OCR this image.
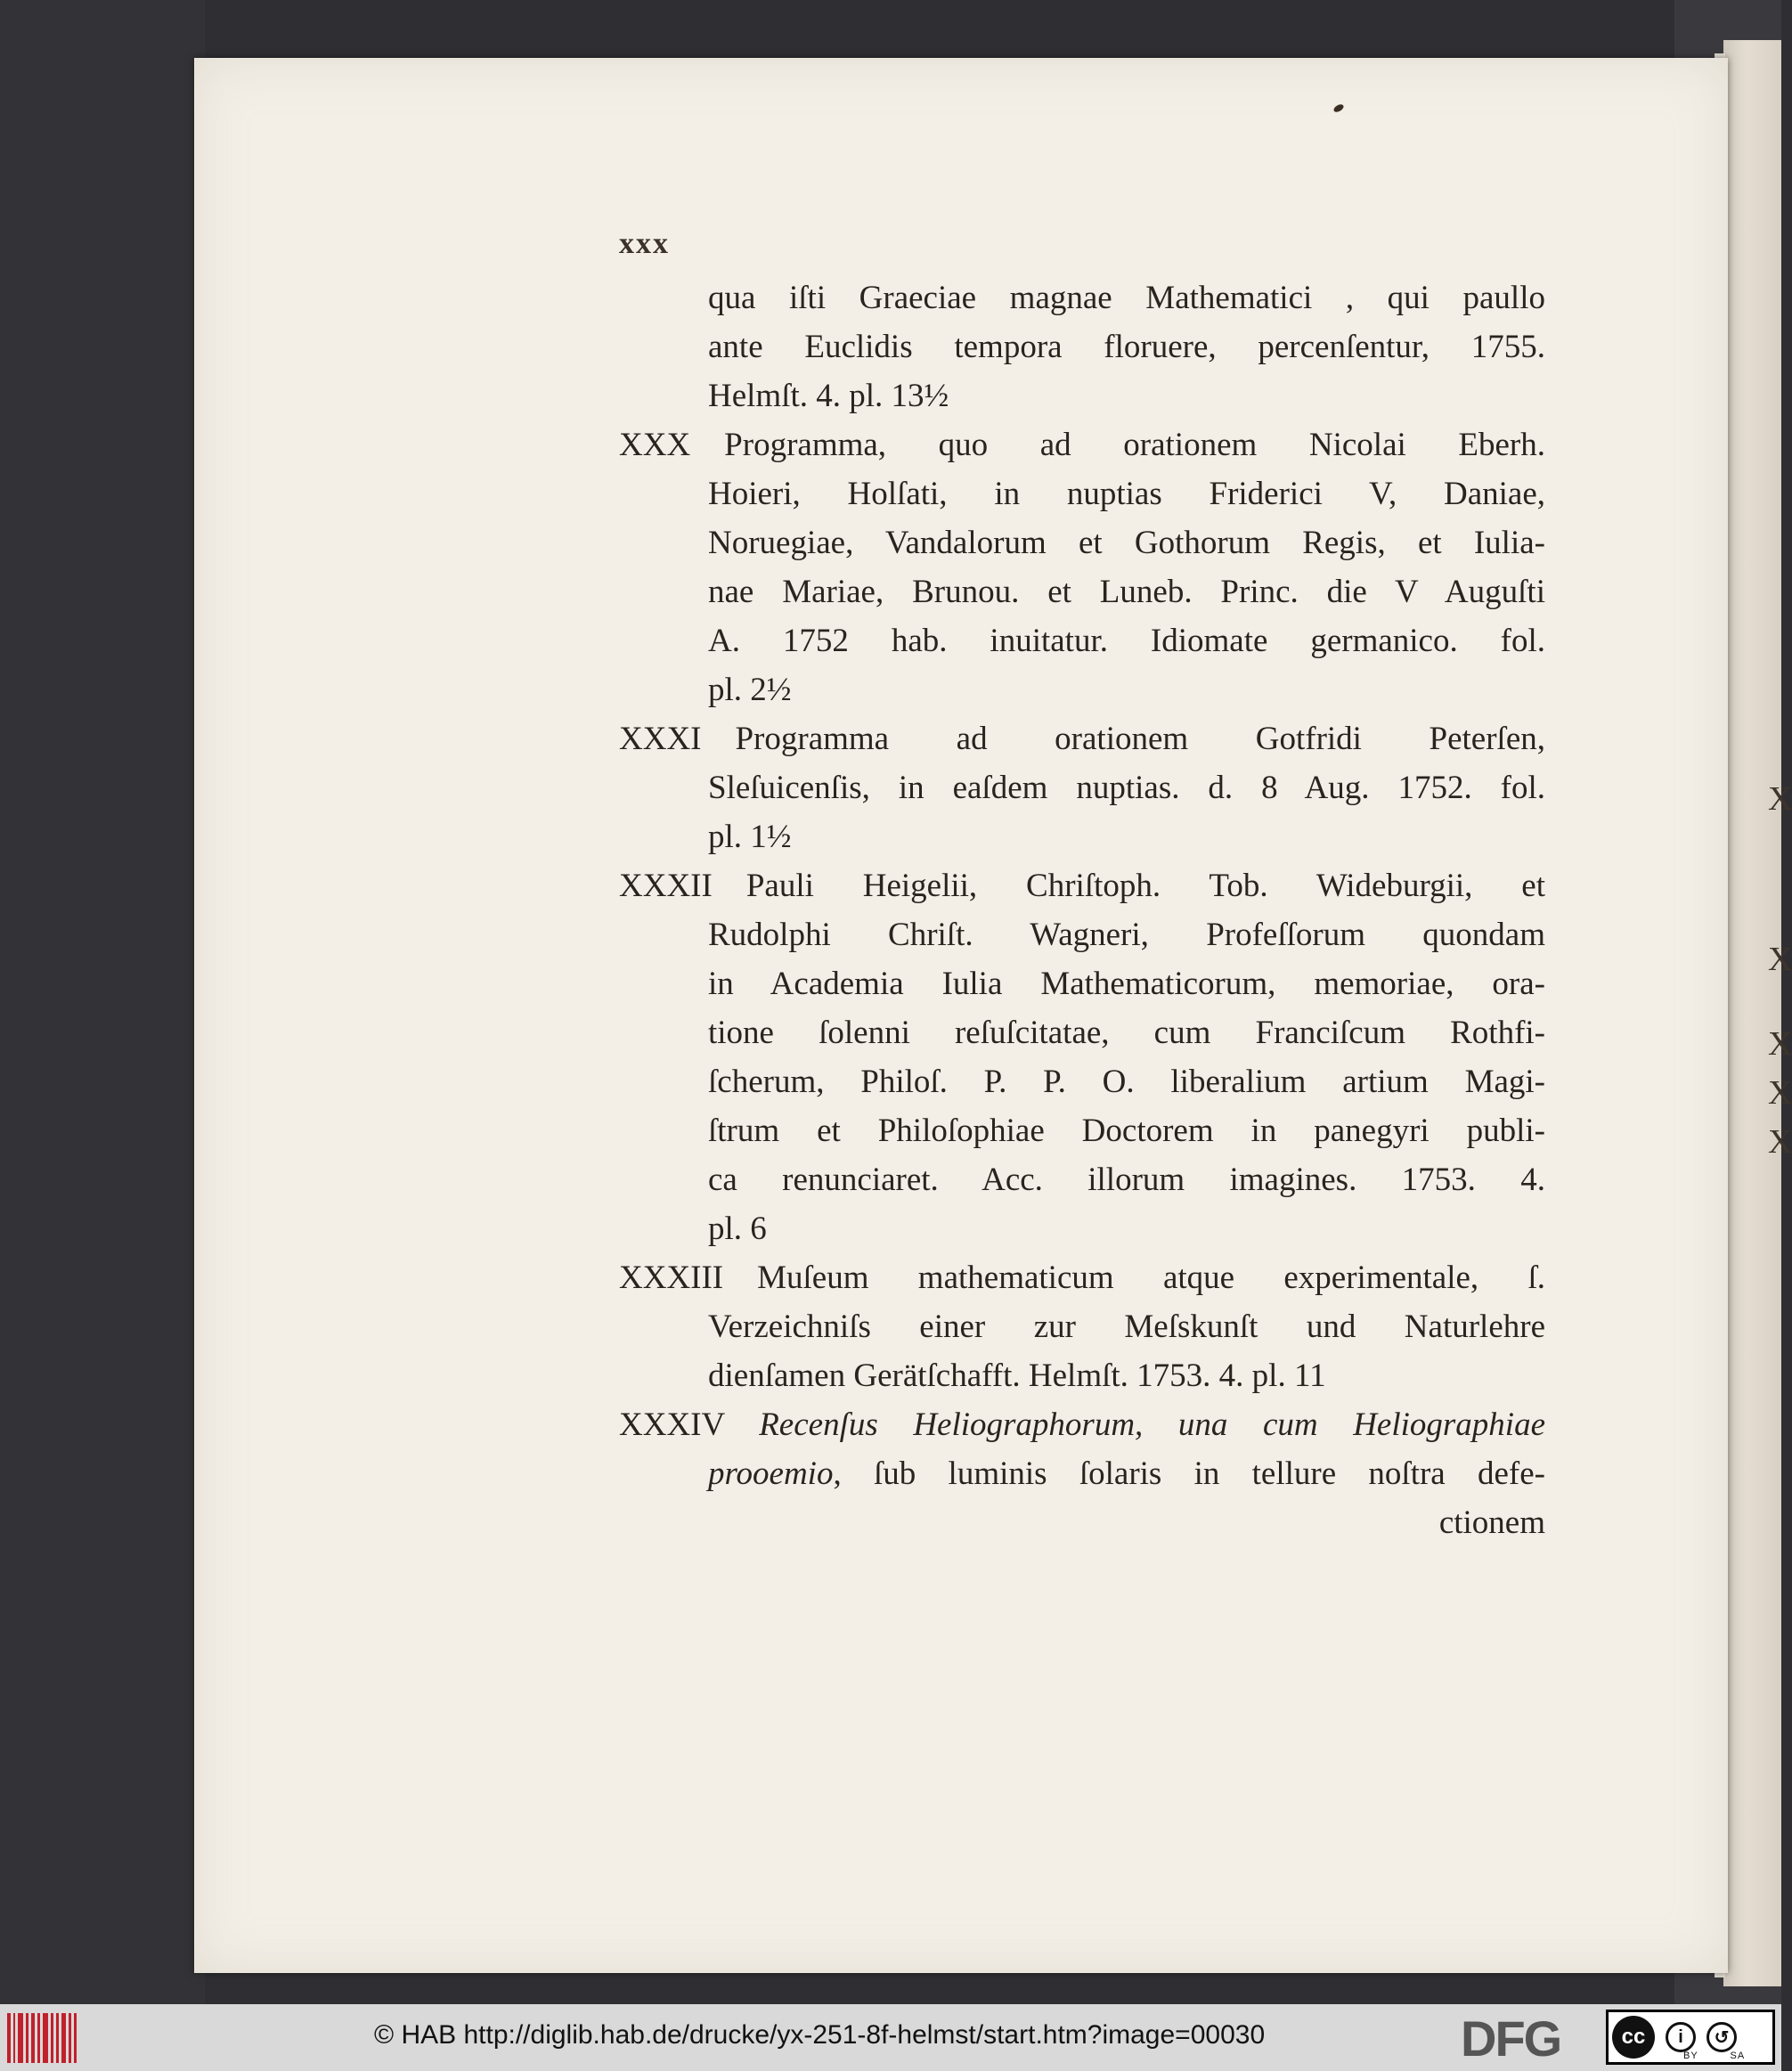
X
X
X
X
X
xxx
qua iſti Graeciae magnae Mathematici , qui paullo
ante Euclidis tempora floruere, percenſentur, 1755.
Helmſt. 4. pl. 13½
XXX Programma, quo ad orationem Nicolai Eberh.
Hoieri, Holſati, in nuptias Friderici V, Daniae,
Noruegiae, Vandalorum et Gothorum Regis, et Iulia-
nae Mariae, Brunou. et Luneb. Princ. die V Auguſti
A. 1752 hab. inuitatur. Idiomate germanico. fol.
pl. 2½
XXXI Programma ad orationem Gotfridi Peterſen,
Sleſuicenſis, in eaſdem nuptias. d. 8 Aug. 1752. fol.
pl. 1½
XXXII Pauli Heigelii, Chriſtoph. Tob. Wideburgii, et
Rudolphi Chriſt. Wagneri, Profeſſorum quondam
in Academia Iulia Mathematicorum, memoriae, ora-
tione ſolenni reſuſcitatae, cum Franciſcum Rothfi-
ſcherum, Philoſ. P. P. O. liberalium artium Magi-
ſtrum et Philoſophiae Doctorem in panegyri publi-
ca renunciaret. Acc. illorum imagines. 1753. 4.
pl. 6
XXXIII Muſeum mathematicum atque experimentale, ſ.
Verzeichniſs einer zur Meſskunſt und Naturlehre
dienſamen Gerätſchafft. Helmſt. 1753. 4. pl. 11
XXXIV Recenſus Heliographorum, una cum Heliographiae
prooemio, ſub luminis ſolaris in tellure noſtra defe-
ctionem
© HAB http://diglib.hab.de/drucke/yx-251-8f-helmst/start.htm?image=00030	DFG	cc	i	↺
BY	SA
